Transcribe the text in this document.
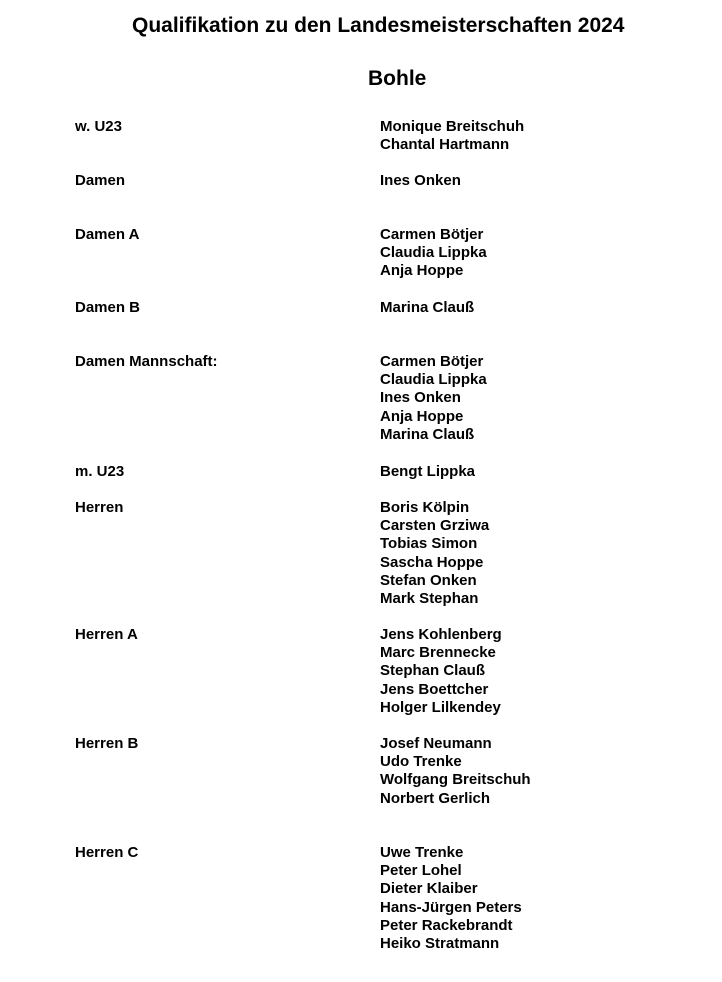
Qualifikation zu den Landesmeisterschaften 2024
Bohle
w. U23	Monique Breitschuh
Chantal Hartmann
Damen	Ines Onken
Damen A	Carmen Bötjer
Claudia Lippka
Anja Hoppe
Damen B	Marina Clauß
Damen Mannschaft:	Carmen Bötjer
Claudia Lippka
Ines Onken
Anja Hoppe
Marina Clauß
m. U23	Bengt Lippka
Herren	Boris Kölpin
Carsten Grziwa
Tobias Simon
Sascha Hoppe
Stefan Onken
Mark Stephan
Herren A	Jens Kohlenberg
Marc Brennecke
Stephan Clauß
Jens Boettcher
Holger Lilkendey
Herren B	Josef Neumann
Udo Trenke
Wolfgang Breitschuh
Norbert Gerlich
Herren C	Uwe Trenke
Peter Lohel
Dieter Klaiber
Hans-Jürgen Peters
Peter Rackebrandt
Heiko Stratmann
